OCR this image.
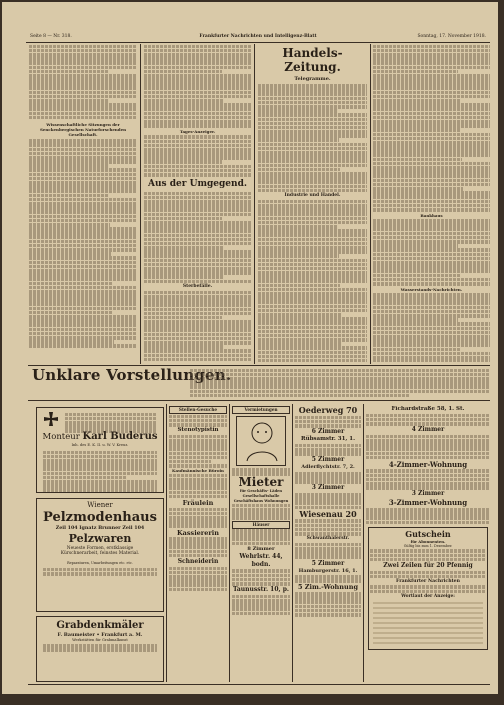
Seite 8 — Nr. 318.	Frankfurter Nachrichten und Intelligenz-Blatt	Sonntag, 17. November 1918.
Wissenschaftliche Sitzungen der Senckenbergischen Naturforschenden Gesellschaft.
Tages-Anzeiger.
Aus der Umgegend.
Sterbefälle.
Handels-Zeitung.
Telegramme.
Industrie und Handel.
Bankhaus
Wasserstands-Nachrichten.
Unklare Vorstellungen.
Monteur Karl Buderus
Inh. des E. K. II. u. W. V. Kreuz.
Wiener
Pelzmodenhaus
Zeil 104 Ignatz Brunner Zeil 104
Pelzwaren
Neueste Formen, erstklassige
Kürschnerarbeit, feinstes Material.
Reparaturen, Umarbeitungen etc. etc.
Grabdenkmäler
F. Baumeister • Frankfurt a. M.
Werkstätten für Grabmalkunst
Stellen-Gesuche
Stenotypistin
Kaufmännische Büroin
Fräulein
Kassiererin
Schneiderin
Vermietungen
Mieter
für Geschäfts- Läden Gesellschaftshalle Geschäftshaus Wohnungen
Häuser
8 Zimmer
Wehrlstr. 44, bodn.
Taunusstr. 10, p.
Oederweg 70
6 Zimmer
Rübsamstr. 31, 1.
5 Zimmer
Adlerflychtstr. 7, 2.
3 Zimmer
Wiesenau 20
Schwanthalerstr.
5 Zimmer
Hamburgerstr. 16, 1.
5 Zim.-Wohnung
Fichardstraße 58, 1. St.
4 Zimmer
4-Zimmer-Wohnung
3 Zimmer
3-Zimmer-Wohnung
Gutschein
für Abonnenten.
Gültig bis zum 1. Dezember.
Zwei Zeilen für 20 Pfennig
Frankfurter Nachrichten
Wortlaut der Anzeige:
